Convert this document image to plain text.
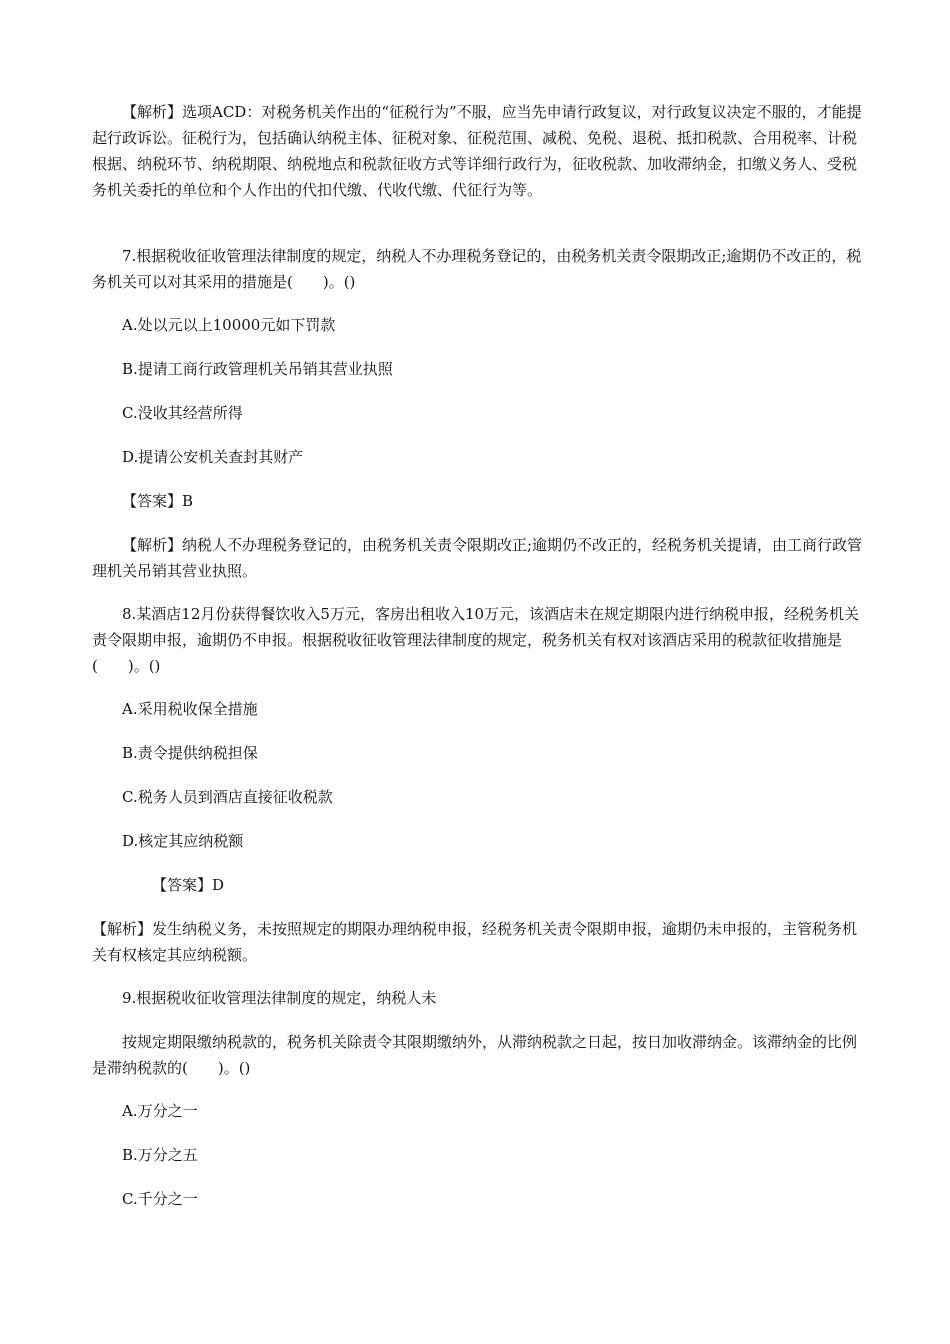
【解析】选项ACD：对税务机关作出的“征税行为”不服，应当先申请行政复议，对行政复议决定不服的，才能提起行政诉讼。征税行为，包括确认纳税主体、征税对象、征税范围、减税、免税、退税、抵扣税款、合用税率、计税根据、纳税环节、纳税期限、纳税地点和税款征收方式等详细行政行为，征收税款、加收滞纳金，扣缴义务人、受税务机关委托的单位和个人作出的代扣代缴、代收代缴、代征行为等。
7.根据税收征收管理法律制度的规定，纳税人不办理税务登记的，由税务机关责令限期改正;逾期仍不改正的，税务机关可以对其采用的措施是(　　)。()
A.处以元以上10000元如下罚款
B.提请工商行政管理机关吊销其营业执照
C.没收其经营所得
D.提请公安机关查封其财产
【答案】B
【解析】纳税人不办理税务登记的，由税务机关责令限期改正;逾期仍不改正的，经税务机关提请，由工商行政管理机关吊销其营业执照。
8.某酒店12月份获得餐饮收入5万元，客房出租收入10万元，该酒店未在规定期限内进行纳税申报，经税务机关责令限期申报，逾期仍不申报。根据税收征收管理法律制度的规定，税务机关有权对该酒店采用的税款征收措施是(　　)。()
A.采用税收保全措施
B.责令提供纳税担保
C.税务人员到酒店直接征收税款
D.核定其应纳税额
【答案】D
【解析】发生纳税义务，未按照规定的期限办理纳税申报，经税务机关责令限期申报，逾期仍未申报的，主管税务机关有权核定其应纳税额。
9.根据税收征收管理法律制度的规定，纳税人未
按规定期限缴纳税款的，税务机关除责令其限期缴纳外，从滞纳税款之日起，按日加收滞纳金。该滞纳金的比例是滞纳税款的(　　)。()
A.万分之一
B.万分之五
C.千分之一
